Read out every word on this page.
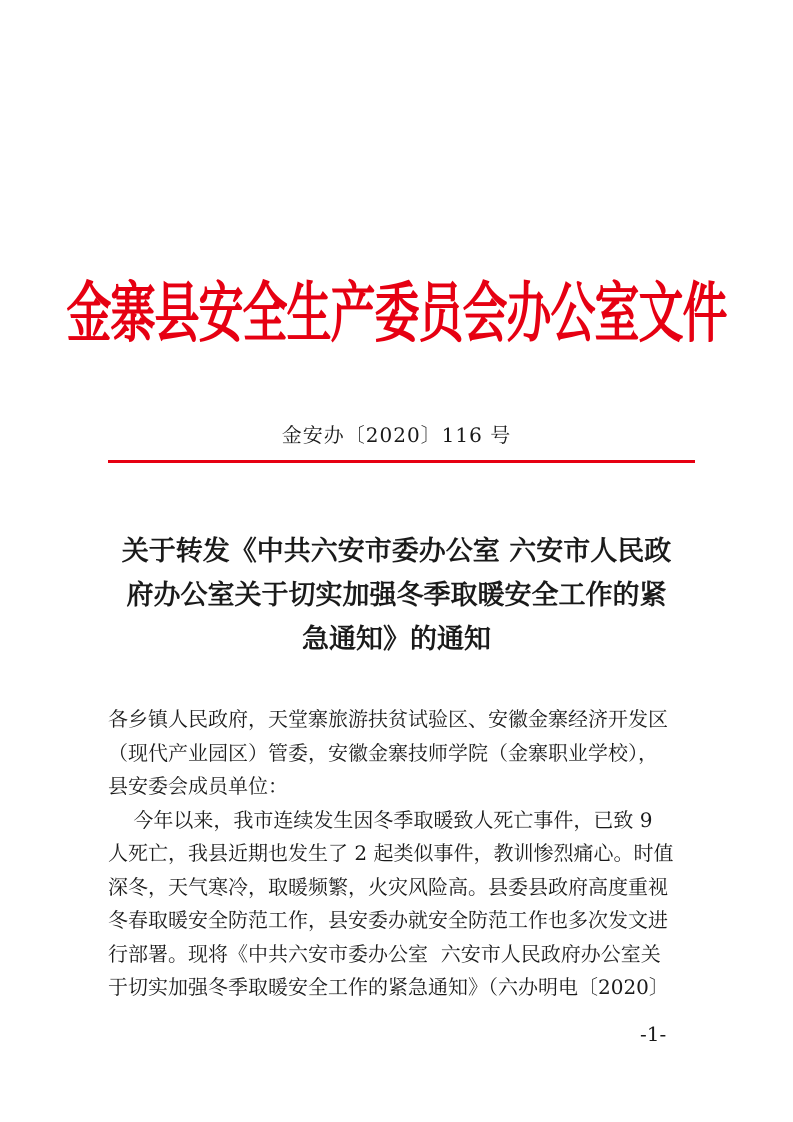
金寨县安全生产委员会办公室文件
金安办〔2020〕116 号
关于转发《中共六安市委办公室 六安市人民政
府办公室关于切实加强冬季取暖安全工作的紧
急通知》的通知
各乡镇人民政府，天堂寨旅游扶贫试验区、安徽金寨经济开发区
（现代产业园区）管委，安徽金寨技师学院（金寨职业学校），
县安委会成员单位：
今年以来，我市连续发生因冬季取暖致人死亡事件，已致 9
人死亡，我县近期也发生了 2 起类似事件，教训惨烈痛心。时值
深冬，天气寒冷，取暖频繁，火灾风险高。县委县政府高度重视
冬春取暖安全防范工作，县安委办就安全防范工作也多次发文进
行部署。现将《中共六安市委办公室  六安市人民政府办公室关
于切实加强冬季取暖安全工作的紧急通知》（六办明电〔2020〕
-1-
